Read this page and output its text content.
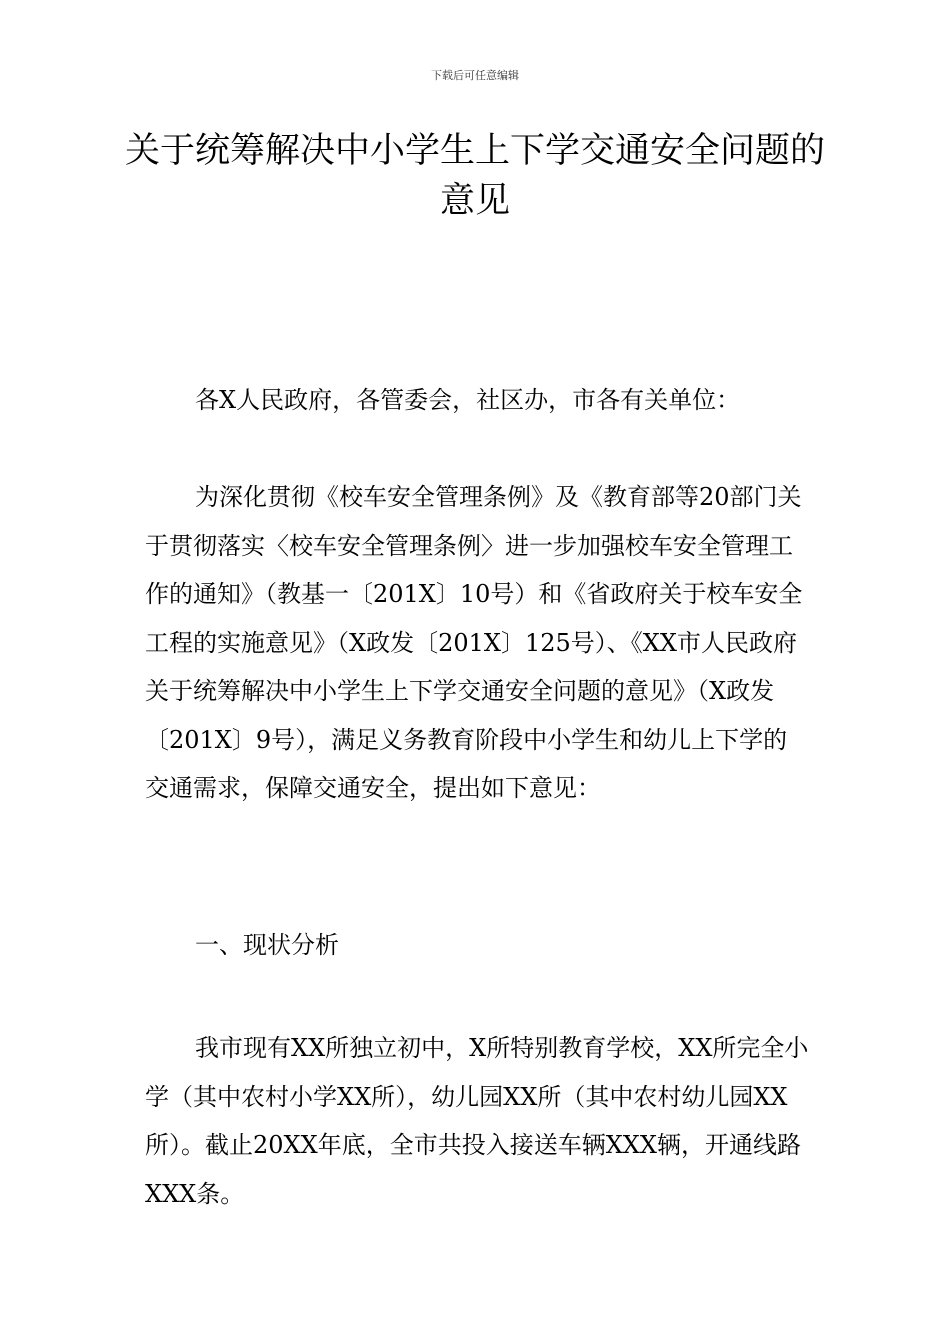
下载后可任意编辑
关于统筹解决中小学生上下学交通安全问题的意见

各X人民政府，各管委会，社区办，市各有关单位：

为深化贯彻《校车安全管理条例》及《教育部等20部门关于贯彻落实〈校车安全管理条例〉进一步加强校车安全管理工作的通知》（教基一〔201X〕10号）和《省政府关于校车安全工程的实施意见》（X政发〔201X〕125号）、《XX市人民政府关于统筹解决中小学生上下学交通安全问题的意见》（X政发〔201X〕9号），满足义务教育阶段中小学生和幼儿上下学的交通需求，保障交通安全，提出如下意见：

一、现状分析

我市现有XX所独立初中，X所特别教育学校，XX所完全小学（其中农村小学XX所），幼儿园XX所（其中农村幼儿园XX所）。截止20XX年底，全市共投入接送车辆XXX辆，开通线路XXX条。
